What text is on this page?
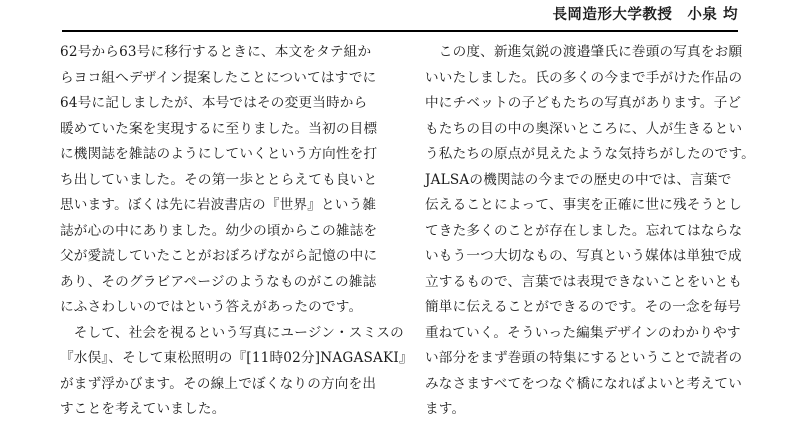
長岡造形大学教授　小泉 均
62号から63号に移行するときに、本文をタテ組か
らヨコ組へデザイン提案したことについてはすでに
64号に記しましたが、本号ではその変更当時から
暖めていた案を実現するに至りました。当初の目標
に機関誌を雑誌のようにしていくという方向性を打
ち出していました。その第一歩ととらえても良いと
思います。ぼくは先に岩波書店の『世界』という雑
誌が心の中にありました。幼少の頃からこの雑誌を
父が愛読していたことがおぼろげながら記憶の中に
あり、そのグラビアページのようなものがこの雑誌
にふさわしいのではという答えがあったのです。
　そして、社会を視るという写真にユージン・スミスの
『水俣』、そして東松照明の『[11時02分]NAGASAKI』
がまず浮かびます。その線上でぼくなりの方向を出
すことを考えていました。
　この度、新進気鋭の渡邉肇氏に巻頭の写真をお願
いいたしました。氏の多くの今まで手がけた作品の
中にチベットの子どもたちの写真があります。子ど
もたちの目の中の奥深いところに、人が生きるとい
う私たちの原点が見えたような気持ちがしたのです。
JALSAの機関誌の今までの歴史の中では、言葉で
伝えることによって、事実を正確に世に残そうとし
てきた多くのことが存在しました。忘れてはならな
いもう一つ大切なもの、写真という媒体は単独で成
立するもので、言葉では表現できないことをいとも
簡単に伝えることができるのです。その一念を毎号
重ねていく。そういった編集デザインのわかりやす
い部分をまず巻頭の特集にするということで読者の
みなさますべてをつなぐ橋になればよいと考えてい
ます。
